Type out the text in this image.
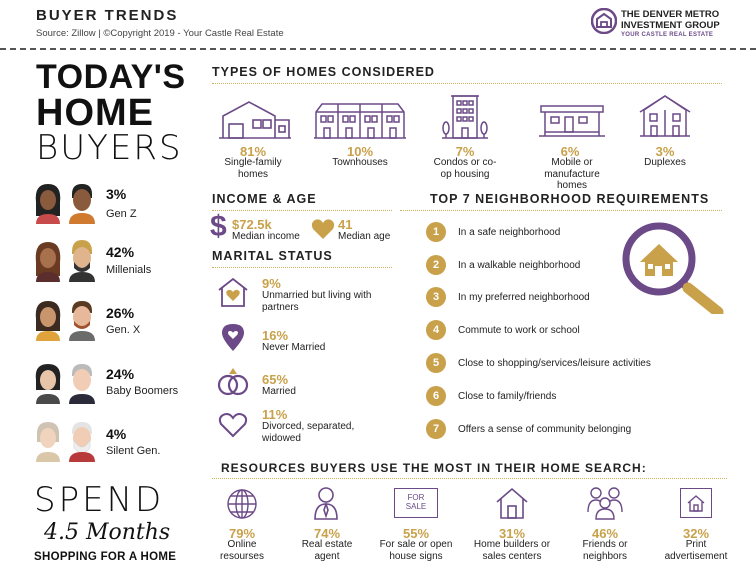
BUYER TRENDS
Source: Zillow | ©Copyright 2019 - Your Castle Real Estate
THE DENVER METRO
INVESTMENT GROUP
YOUR CASTLE REAL ESTATE
TODAY'S
HOME
BUYERS
3%
Gen Z
42%
Millenials
26%
Gen. X
24%
Baby Boomers
4%
Silent Gen.
SPEND
4.5 Months
SHOPPING FOR A HOME
TYPES OF HOMES CONSIDERED
81%
Single-family homes
10%
Townhouses
7%
Condos or co-op housing
6%
Mobile or manufacture homes
3%
Duplexes
INCOME & AGE
$ $72.5k
Median income
41
Median age
MARITAL STATUS
9%
Unmarried but living with partners
16%
Never Married
65%
Married
11%
Divorced, separated, widowed
TOP 7 NEIGHBORHOOD REQUIREMENTS
1	In a safe neighborhood
2	In a walkable neighborhood
3	In my preferred neighborhood
4	Commute to work or school
5	Close to shopping/services/leisure activities
6	Close to family/friends
7	Offers a sense of community belonging
RESOURCES BUYERS USE THE MOST IN THEIR HOME SEARCH:
79%
Online resourses
74%
Real estate agent
FOR
SALE
55%
For sale or open house signs
31%
Home builders or sales centers
46%
Friends or neighbors
32%
Print advertisement
